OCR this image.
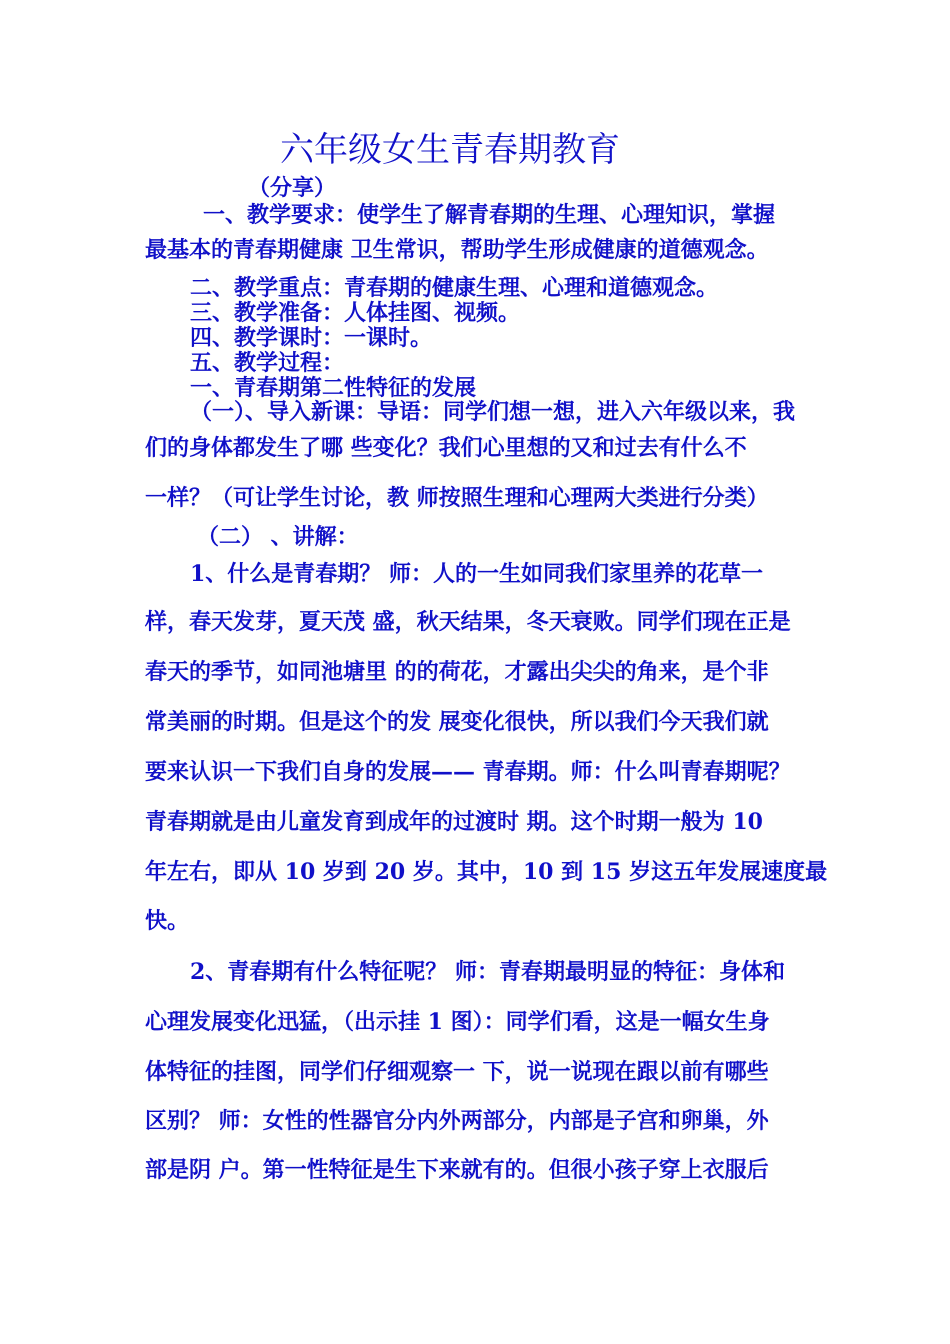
六年级女生青春期教育
（分享）
一、教学要求：使学生了解青春期的生理、心理知识，掌握
最基本的青春期健康 卫生常识，帮助学生形成健康的道德观念。
二、教学重点：青春期的健康生理、心理和道德观念。
三、教学准备：人体挂图、视频。
四、教学课时：一课时。
五、教学过程：
一、青春期第二性特征的发展
（一）、导入新课：导语：同学们想一想，进入六年级以来，我
们的身体都发生了哪 些变化？我们心里想的又和过去有什么不
一样？（可让学生讨论，教 师按照生理和心理两大类进行分类）
（二） 、讲解：
1、什么是青春期？ 师：人的一生如同我们家里养的花草一
样，春天发芽，夏天茂 盛，秋天结果，冬天衰败。同学们现在正是
春天的季节，如同池塘里 的的荷花，才露出尖尖的角来，是个非
常美丽的时期。但是这个的发 展变化很快，所以我们今天我们就
要来认识一下我们自身的发展—— 青春期。师：什么叫青春期呢？
青春期就是由儿童发育到成年的过渡时 期。这个时期一般为 10
年左右，即从 10 岁到 20 岁。其中，10 到 15 岁这五年发展速度最
快。
2、青春期有什么特征呢？ 师：青春期最明显的特征：身体和
心理发展变化迅猛，（出示挂 1 图）：同学们看，这是一幅女生身
体特征的挂图，同学们仔细观察一 下，说一说现在跟以前有哪些
区别？ 师：女性的性器官分内外两部分，内部是子宫和卵巢，外
部是阴 户。第一性特征是生下来就有的。但很小孩子穿上衣服后
